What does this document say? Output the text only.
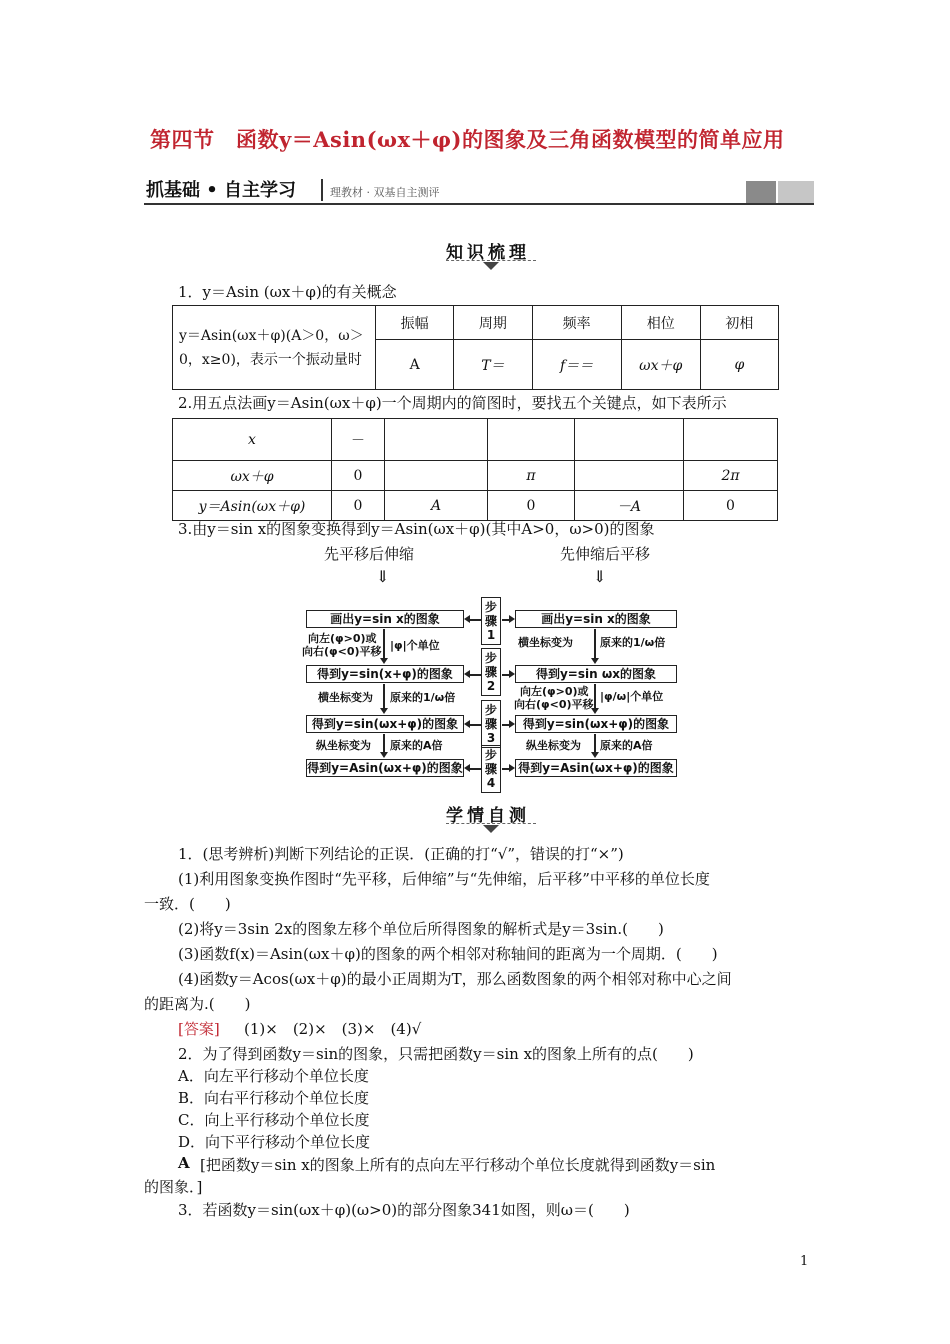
第四节　函数y＝Asin(ωx＋φ)的图象及三角函数模型的简单应用
抓基础 • 自主学习	理教材 · 双基自主测评
知识梳理
1．y＝Asin (ωx＋φ)的有关概念
y＝Asin(ωx＋φ)(A＞0，ω＞0，x≥0)，表示一个振动量时	振幅	周期	频率	相位	初相
	A	T＝	f＝＝	ωx＋φ	φ
2.用五点法画y＝Asin(ωx＋φ)一个周期内的简图时，要找五个关键点，如下表所示
x	－				
ωx＋φ	0		π		2π
y＝Asin(ωx＋φ)	0	A	0	－A	0
3.由y＝sin x的图象变换得到y＝Asin(ωx＋φ)(其中A>0，ω>0)的图象
先平移后伸缩	先伸缩后平移
⇓	⇓
画出y=sin x的图象
得到y=sin(x+φ)的图象
得到y=sin(ωx+φ)的图象
得到y=Asin(ωx+φ)的图象
画出y=sin x的图象
得到y=sin ωx的图象
得到y=sin(ωx+φ)的图象
得到y=Asin(ωx+φ)的图象
步骤1
步骤2
步骤3
步骤4
向左(φ>0)或
向右(φ<0)平移 |φ|个单位
横坐标变为 原来的1/ω倍
纵坐标变为 原来的A倍
横坐标变为 原来的1/ω倍
向左(φ>0)或
向右(φ<0)平移
|φ/ω|个单位
纵坐标变为 原来的A倍
学情自测
1．(思考辨析)判断下列结论的正误．(正确的打“√”，错误的打“×”)
(1)利用图象变换作图时“先平移，后伸缩”与“先伸缩，后平移”中平移的单位长度
一致．(　　)
(2)将y＝3sin 2x的图象左移个单位后所得图象的解析式是y＝3sin.(　　)
(3)函数f(x)＝Asin(ωx＋φ)的图象的两个相邻对称轴间的距离为一个周期．(　　)
(4)函数y＝Acos(ωx＋φ)的最小正周期为T，那么函数图象的两个相邻对称中心之间
的距离为.(　　)
[答案] (1)×　(2)×　(3)×　(4)√
2．为了得到函数y＝sin的图象，只需把函数y＝sin x的图象上所有的点(　　)
A．向左平行移动个单位长度
B．向右平行移动个单位长度
C．向上平行移动个单位长度
D．向下平行移动个单位长度
A [把函数y＝sin x的图象上所有的点向左平行移动个单位长度就得到函数y＝sin
的图象．]
3．若函数y＝sin(ωx＋φ)(ω>0)的部分图象341如图，则ω＝(　　)
1
